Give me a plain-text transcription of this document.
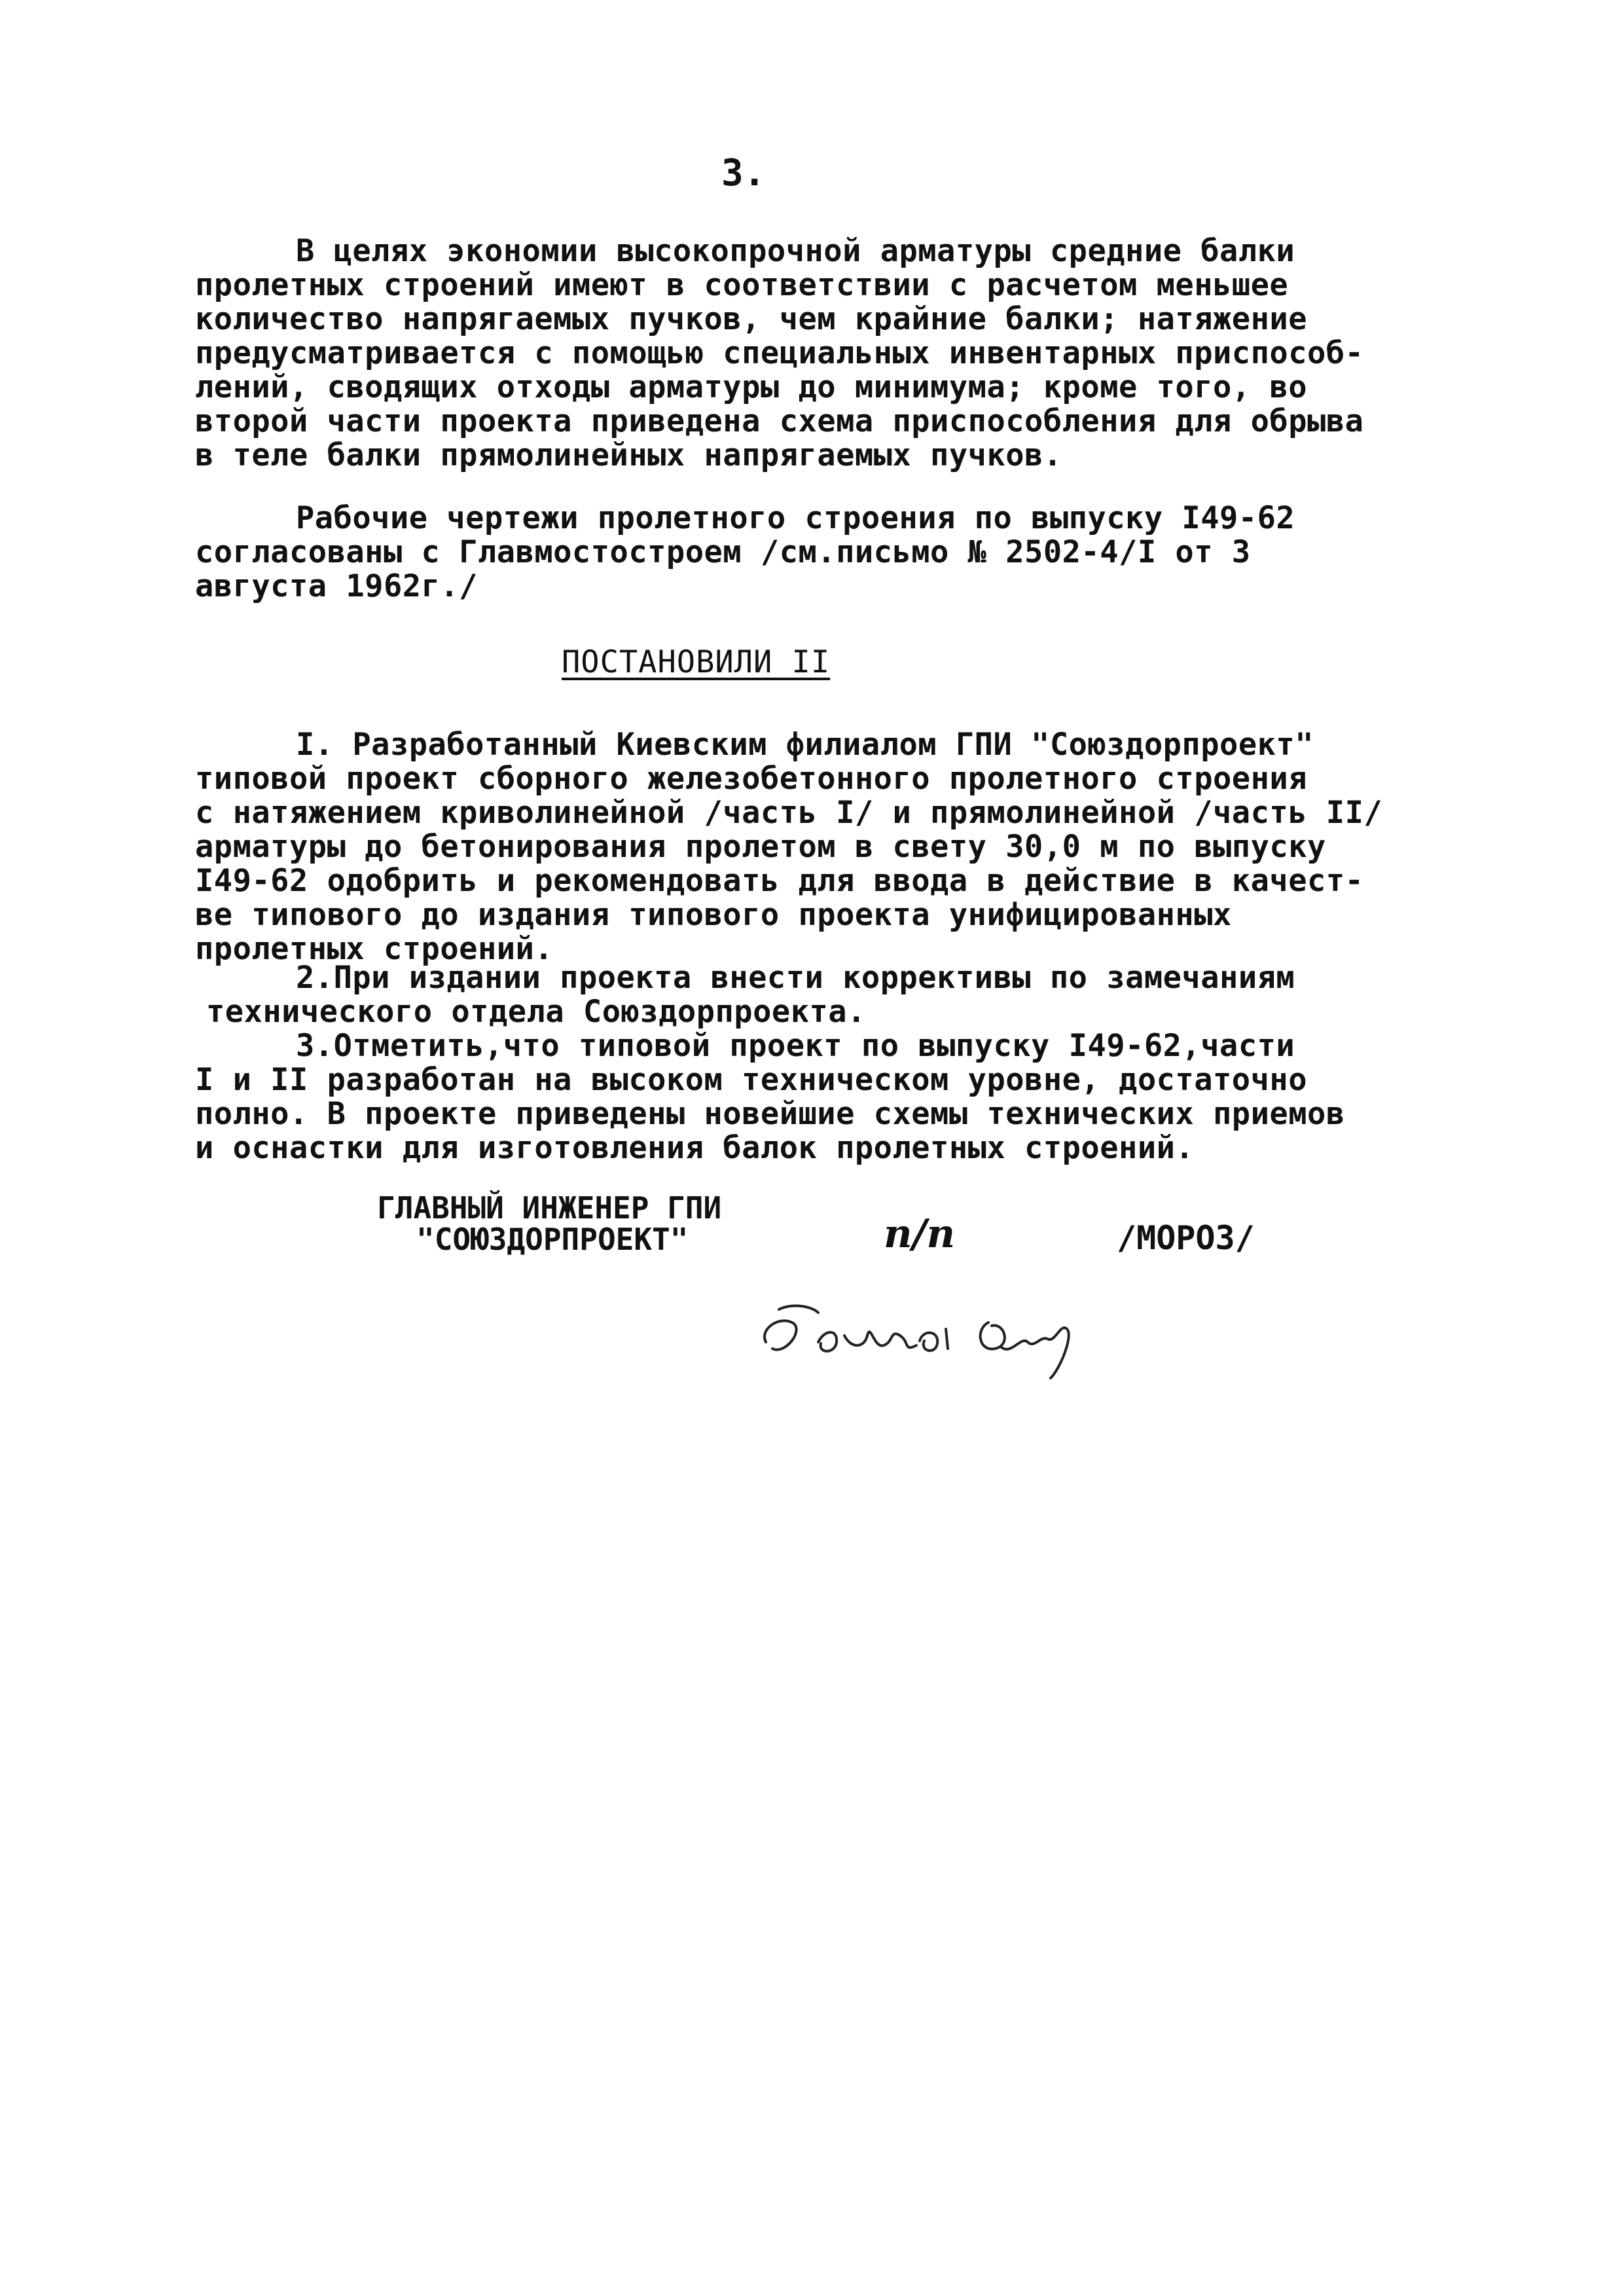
3.
В целях экономии высокопрочной арматуры средние балки
пролетных строений имеют в соответствии с расчетом меньшее
количество напрягаемых пучков, чем крайние балки; натяжение
предусматривается с помощью специальных инвентарных приспособ-
лений, сводящих отходы арматуры до минимума; кроме того, во
второй части проекта приведена схема приспособления для обрыва
в теле балки прямолинейных напрягаемых пучков.
Рабочие чертежи пролетного строения по выпуску I49-62
согласованы с Главмостостроем /см.письмо № 2502-4/I от 3
августа 1962г./
ПОСТАНОВИЛИ II
I. Разработанный Киевским филиалом ГПИ "Союздорпроект"
типовой проект сборного железобетонного пролетного строения
с натяжением криволинейной /часть I/ и прямолинейной /часть II/
арматуры до бетонирования пролетом в свету 30,0 м по выпуску
I49-62 одобрить и рекомендовать для ввода в действие в качест-
ве типового до издания типового проекта унифицированных
пролетных строений.
2.При издании проекта внести коррективы по замечаниям
технического отдела Союздорпроекта.
3.Отметить,что типовой проект по выпуску I49-62,части
I и II разработан на высоком техническом уровне, достаточно
полно. В проекте приведены новейшие схемы технических приемов
и оснастки для изготовления балок пролетных строений.
ГЛАВНЫЙ ИНЖЕНЕР ГПИ
"СОЮЗДОРПРОЕКТ"	п/п	/МОРОЗ/
